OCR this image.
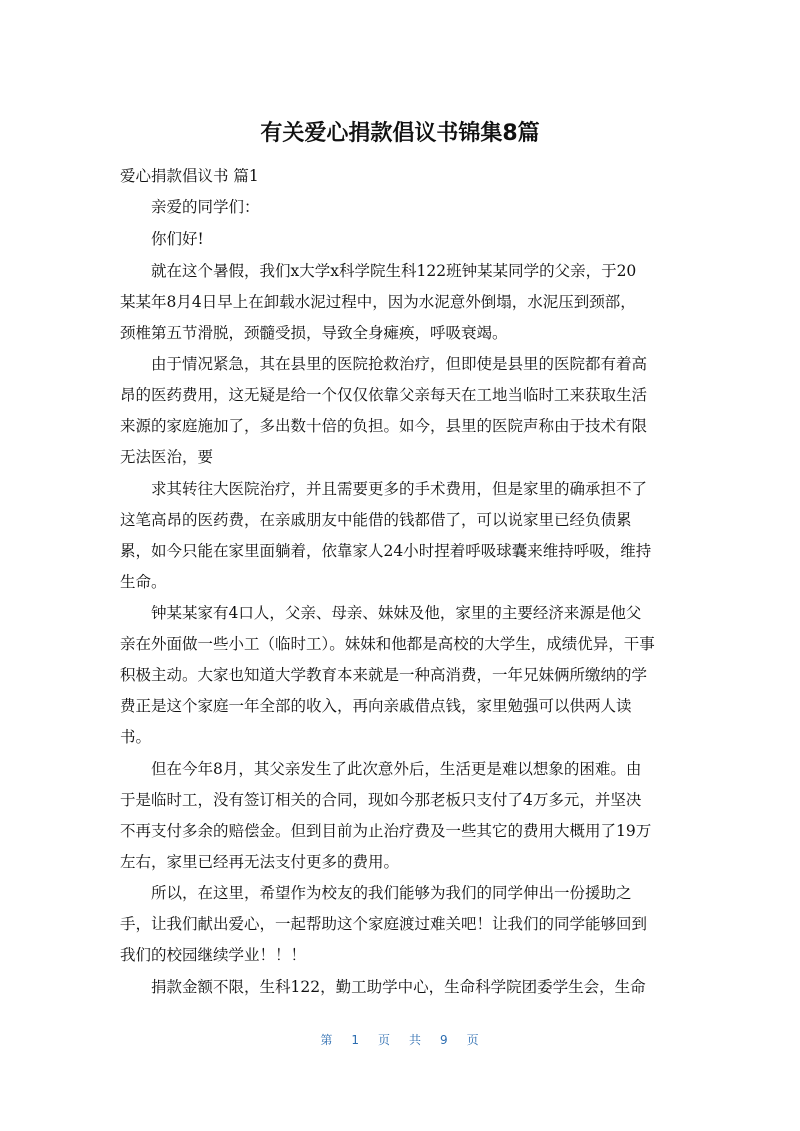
有关爱心捐款倡议书锦集8篇
爱心捐款倡议书 篇1
亲爱的同学们：
你们好!
就在这个暑假，我们x大学x科学院生科122班钟某某同学的父亲，于20
某某年8月4日早上在卸载水泥过程中，因为水泥意外倒塌，水泥压到颈部，
颈椎第五节滑脱，颈髓受损，导致全身瘫痪，呼吸衰竭。
由于情况紧急，其在县里的医院抢救治疗，但即使是县里的医院都有着高
昂的医药费用，这无疑是给一个仅仅依靠父亲每天在工地当临时工来获取生活
来源的家庭施加了，多出数十倍的负担。如今，县里的医院声称由于技术有限
无法医治，要
求其转往大医院治疗，并且需要更多的手术费用，但是家里的确承担不了
这笔高昂的医药费，在亲戚朋友中能借的钱都借了，可以说家里已经负债累
累，如今只能在家里面躺着，依靠家人24小时捏着呼吸球囊来维持呼吸，维持
生命。
钟某某家有4口人，父亲、母亲、妹妹及他，家里的主要经济来源是他父
亲在外面做一些小工（临时工）。妹妹和他都是高校的大学生，成绩优异，干事
积极主动。大家也知道大学教育本来就是一种高消费，一年兄妹俩所缴纳的学
费正是这个家庭一年全部的收入，再向亲戚借点钱，家里勉强可以供两人读
书。
但在今年8月，其父亲发生了此次意外后，生活更是难以想象的困难。由
于是临时工，没有签订相关的合同，现如今那老板只支付了4万多元，并坚决
不再支付多余的赔偿金。但到目前为止治疗费及一些其它的费用大概用了19万
左右，家里已经再无法支付更多的费用。
所以，在这里，希望作为校友的我们能够为我们的同学伸出一份援助之
手，让我们献出爱心，一起帮助这个家庭渡过难关吧！让我们的同学能够回到
我们的校园继续学业！！！
捐款金额不限，生科122，勤工助学中心，生命科学院团委学生会，生命
第 1 页 共 9 页
